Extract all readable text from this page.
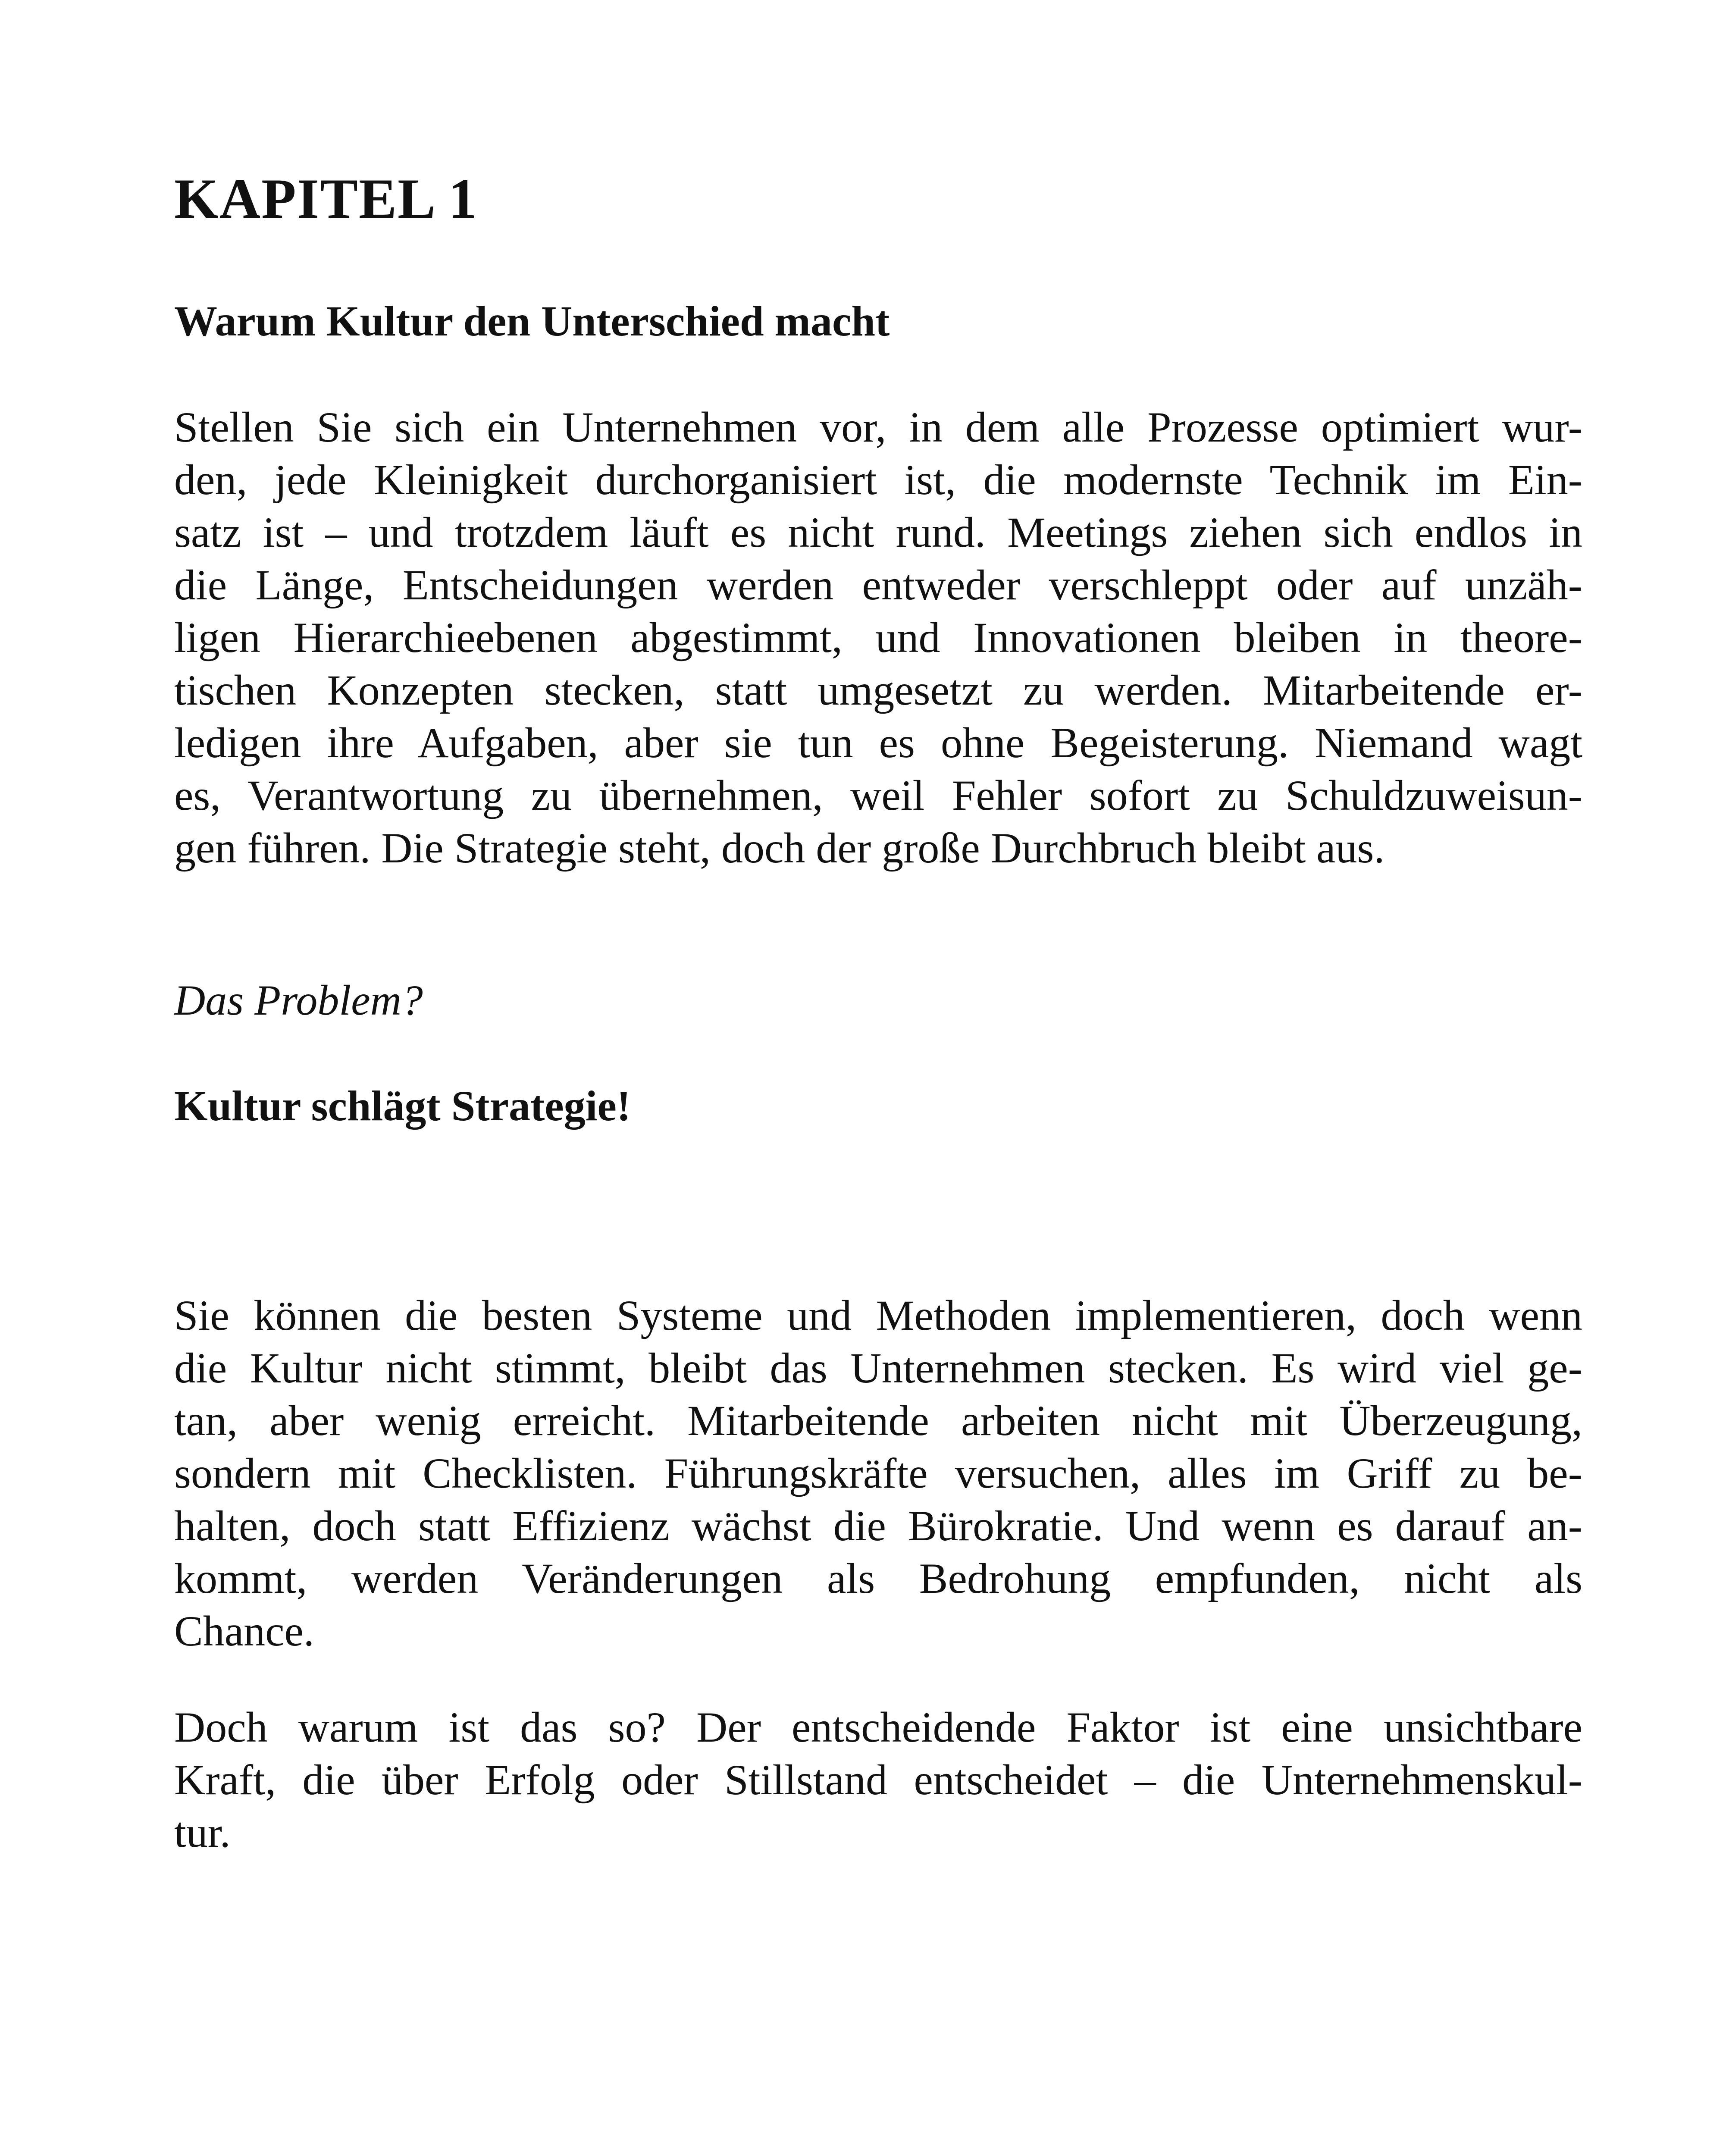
KAPITEL 1
Warum Kultur den Unterschied macht

Stellen Sie sich ein Unternehmen vor, in dem alle Prozesse optimiert wur-
den, jede Kleinigkeit durchorganisiert ist, die modernste Technik im Ein-
satz ist – und trotzdem läuft es nicht rund. Meetings ziehen sich endlos in
die Länge, Entscheidungen werden entweder verschleppt oder auf unzäh-
ligen Hierarchieebenen abgestimmt, und Innovationen bleiben in theore-
tischen Konzepten stecken, statt umgesetzt zu werden. Mitarbeitende er-
ledigen ihre Aufgaben, aber sie tun es ohne Begeisterung. Niemand wagt
es, Verantwortung zu übernehmen, weil Fehler sofort zu Schuldzuweisun-
gen führen. Die Strategie steht, doch der große Durchbruch bleibt aus.

Das Problem?

Kultur schlägt Strategie!

Sie können die besten Systeme und Methoden implementieren, doch wenn
die Kultur nicht stimmt, bleibt das Unternehmen stecken. Es wird viel ge-
tan, aber wenig erreicht. Mitarbeitende arbeiten nicht mit Überzeugung,
sondern mit Checklisten. Führungskräfte versuchen, alles im Griff zu be-
halten, doch statt Effizienz wächst die Bürokratie. Und wenn es darauf an-
kommt, werden Veränderungen als Bedrohung empfunden, nicht als
Chance.

Doch warum ist das so? Der entscheidende Faktor ist eine unsichtbare
Kraft, die über Erfolg oder Stillstand entscheidet – die Unternehmenskul-
tur.
